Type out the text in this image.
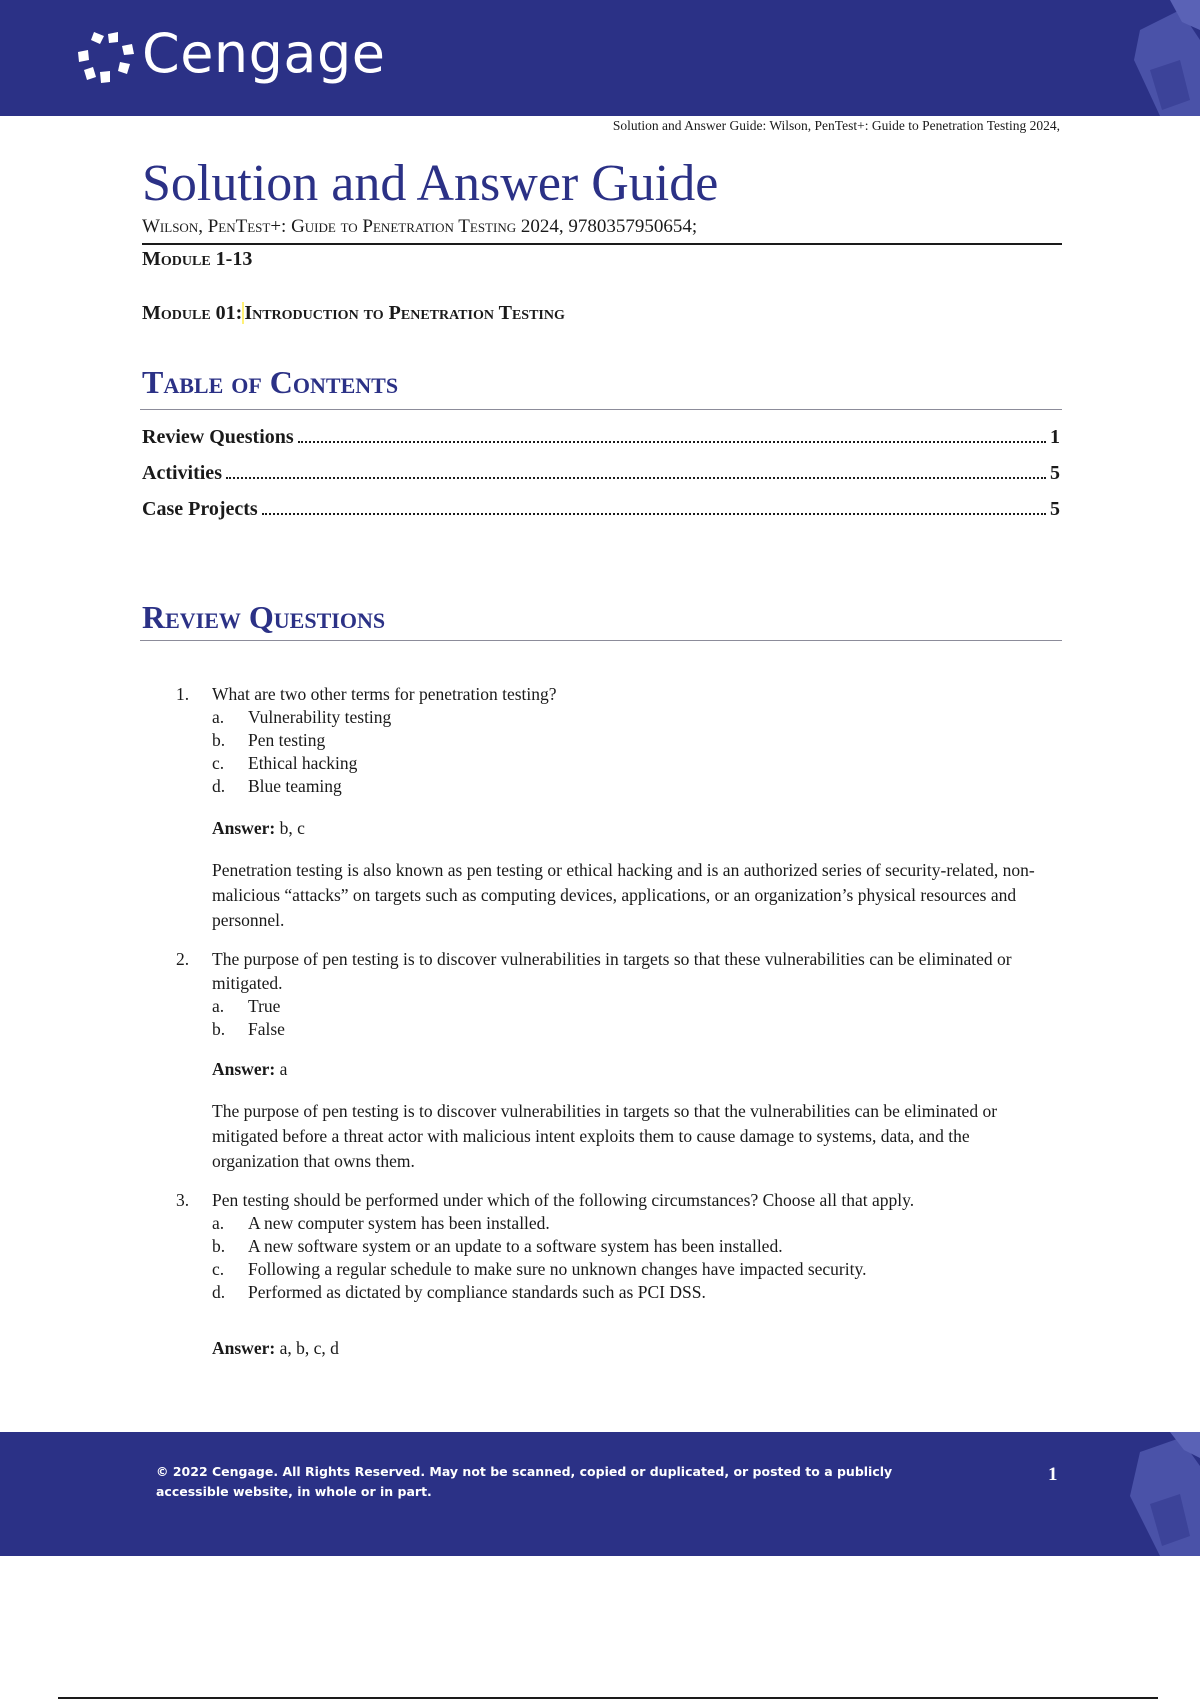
Cengage
Solution and Answer Guide: Wilson, PenTest+: Guide to Penetration Testing 2024,
Solution and Answer Guide
Wilson, PenTest+: Guide to Penetration Testing 2024, 9780357950654;
Module 1-13
Module 01: Introduction to Penetration Testing
Table of Contents
Review Questions	1
Activities	5
Case Projects	5
Review Questions
1.	What are two other terms for penetration testing?
a.	Vulnerability testing
b.	Pen testing
c.	Ethical hacking
d.	Blue teaming
Answer: b, c
Penetration testing is also known as pen testing or ethical hacking and is an authorized series of security-related, non-malicious “attacks” on targets such as computing devices, applications, or an organization’s physical resources and personnel.
2.	The purpose of pen testing is to discover vulnerabilities in targets so that these vulnerabilities can be eliminated or mitigated.
a.	True
b.	False
Answer: a
The purpose of pen testing is to discover vulnerabilities in targets so that the vulnerabilities can be eliminated or mitigated before a threat actor with malicious intent exploits them to cause damage to systems, data, and the organization that owns them.
3.	Pen testing should be performed under which of the following circumstances? Choose all that apply.
a.	A new computer system has been installed.
b.	A new software system or an update to a software system has been installed.
c.	Following a regular schedule to make sure no unknown changes have impacted security.
d.	Performed as dictated by compliance standards such as PCI DSS.
Answer: a, b, c, d
© 2022 Cengage. All Rights Reserved. May not be scanned, copied or duplicated, or posted to a publicly accessible website, in whole or in part.
1
